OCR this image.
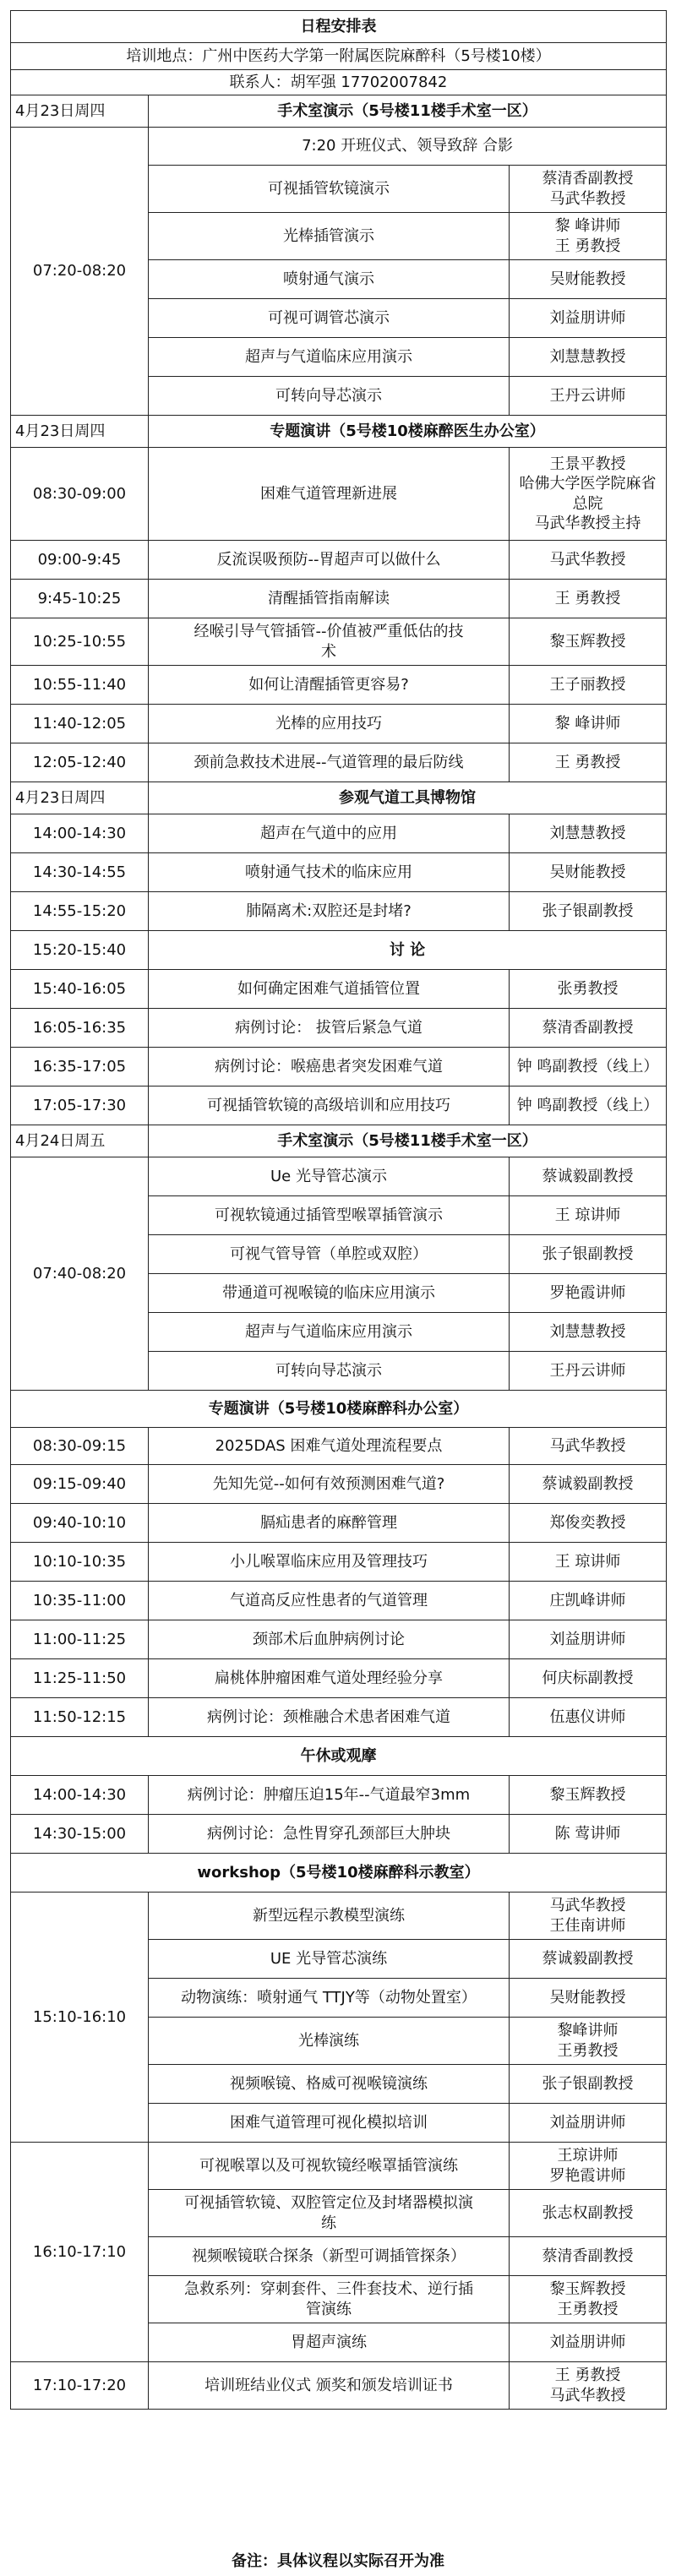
日程安排表		
培训地点：广州中医药大学第一附属医院麻醉科（5号楼10楼）		
联系人：胡军强 17702007842		
4月23日周四	手术室演示（5号楼11楼手术室一区）	
07:20-08:20	7:20 开班仪式、领导致辞 合影	
	可视插管软镜演示	蔡清香副教授
马武华教授
	光棒插管演示	黎 峰讲师
王 勇教授
	喷射通气演示	吴财能教授
	可视可调管芯演示	刘益朋讲师
	超声与气道临床应用演示	刘慧慧教授
	可转向导芯演示	王丹云讲师
4月23日周四	专题演讲（5号楼10楼麻醉医生办公室）	
08:30-09:00	困难气道管理新进展	王景平教授
哈佛大学医学院麻省
总院
马武华教授主持
09:00-9:45	反流误吸预防--胃超声可以做什么	马武华教授
9:45-10:25	清醒插管指南解读	王 勇教授
10:25-10:55	经喉引导气管插管--价值被严重低估的技
术	黎玉辉教授
10:55-11:40	如何让清醒插管更容易?	王子丽教授
11:40-12:05	光棒的应用技巧	黎 峰讲师
12:05-12:40	颈前急救技术进展--气道管理的最后防线	王 勇教授
4月23日周四	参观气道工具博物馆	
14:00-14:30	超声在气道中的应用	刘慧慧教授
14:30-14:55	喷射通气技术的临床应用	吴财能教授
14:55-15:20	肺隔离术:双腔还是封堵?	张子银副教授
15:20-15:40	讨 论	
15:40-16:05	如何确定困难气道插管位置	张勇教授
16:05-16:35	病例讨论： 拔管后紧急气道	蔡清香副教授
16:35-17:05	病例讨论：喉癌患者突发困难气道	钟 鸣副教授（线上）
17:05-17:30	可视插管软镜的高级培训和应用技巧	钟 鸣副教授（线上）
4月24日周五	手术室演示（5号楼11楼手术室一区）	
07:40-08:20	Ue 光导管芯演示	蔡诚毅副教授
	可视软镜通过插管型喉罩插管演示	王 琼讲师
	可视气管导管（单腔或双腔）	张子银副教授
	带通道可视喉镜的临床应用演示	罗艳霞讲师
	超声与气道临床应用演示	刘慧慧教授
	可转向导芯演示	王丹云讲师
专题演讲（5号楼10楼麻醉科办公室）		
08:30-09:15	2025DAS 困难气道处理流程要点	马武华教授
09:15-09:40	先知先觉--如何有效预测困难气道?	蔡诚毅副教授
09:40-10:10	膈疝患者的麻醉管理	郑俊奕教授
10:10-10:35	小儿喉罩临床应用及管理技巧	王 琼讲师
10:35-11:00	气道高反应性患者的气道管理	庄凯峰讲师
11:00-11:25	颈部术后血肿病例讨论	刘益朋讲师
11:25-11:50	扁桃体肿瘤困难气道处理经验分享	何庆标副教授
11:50-12:15	病例讨论：颈椎融合术患者困难气道	伍惠仪讲师
午休或观摩		
14:00-14:30	病例讨论：肿瘤压迫15年--气道最窄3mm	黎玉辉教授
14:30-15:00	病例讨论：急性胃穿孔颈部巨大肿块	陈 莺讲师
workshop（5号楼10楼麻醉科示教室）		
15:10-16:10	新型远程示教模型演练	马武华教授
王佳南讲师
	UE 光导管芯演练	蔡诚毅副教授
	动物演练：喷射通气 TTJY等（动物处置室）	吴财能教授
	光棒演练	黎峰讲师
王勇教授
	视频喉镜、格威可视喉镜演练	张子银副教授
	困难气道管理可视化模拟培训	刘益朋讲师
16:10-17:10	可视喉罩以及可视软镜经喉罩插管演练	王琼讲师
罗艳霞讲师
	可视插管软镜、双腔管定位及封堵器模拟演
练	张志权副教授
	视频喉镜联合探条（新型可调插管探条）	蔡清香副教授
	急救系列：穿刺套件、三件套技术、逆行插
管演练	黎玉辉教授
王勇教授
	胃超声演练	刘益朋讲师
17:10-17:20	培训班结业仪式 颁奖和颁发培训证书	王 勇教授
马武华教授
备注：具体议程以实际召开为准
